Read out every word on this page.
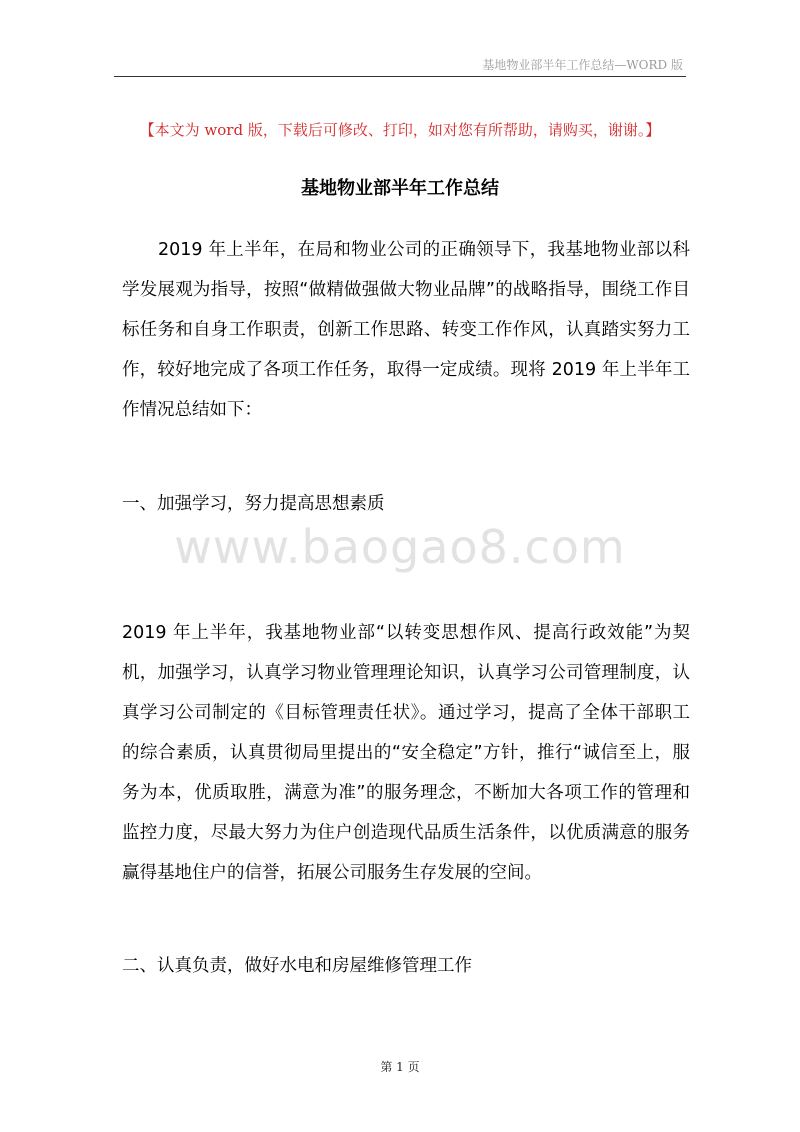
基地物业部半年工作总结—WORD 版
【本文为 word 版，下载后可修改、打印，如对您有所帮助，请购买，谢谢。】
基地物业部半年工作总结

2019 年上半年，在局和物业公司的正确领导下，我基地物业部以科学发展观为指导，按照“做精做强做大物业品牌”的战略指导，围绕工作目标任务和自身工作职责，创新工作思路、转变工作作风，认真踏实努力工作，较好地完成了各项工作任务，取得一定成绩。现将 2019 年上半年工作情况总结如下：

一、加强学习，努力提高思想素质
www.baogao8.com

2019 年上半年，我基地物业部“以转变思想作风、提高行政效能”为契机，加强学习，认真学习物业管理理论知识，认真学习公司管理制度，认真学习公司制定的《目标管理责任状》。通过学习，提高了全体干部职工的综合素质，认真贯彻局里提出的“安全稳定”方针，推行“诚信至上，服务为本，优质取胜，满意为准”的服务理念，不断加大各项工作的管理和监控力度，尽最大努力为住户创造现代品质生活条件，以优质满意的服务赢得基地住户的信誉，拓展公司服务生存发展的空间。

二、认真负责，做好水电和房屋维修管理工作
第 1 页
